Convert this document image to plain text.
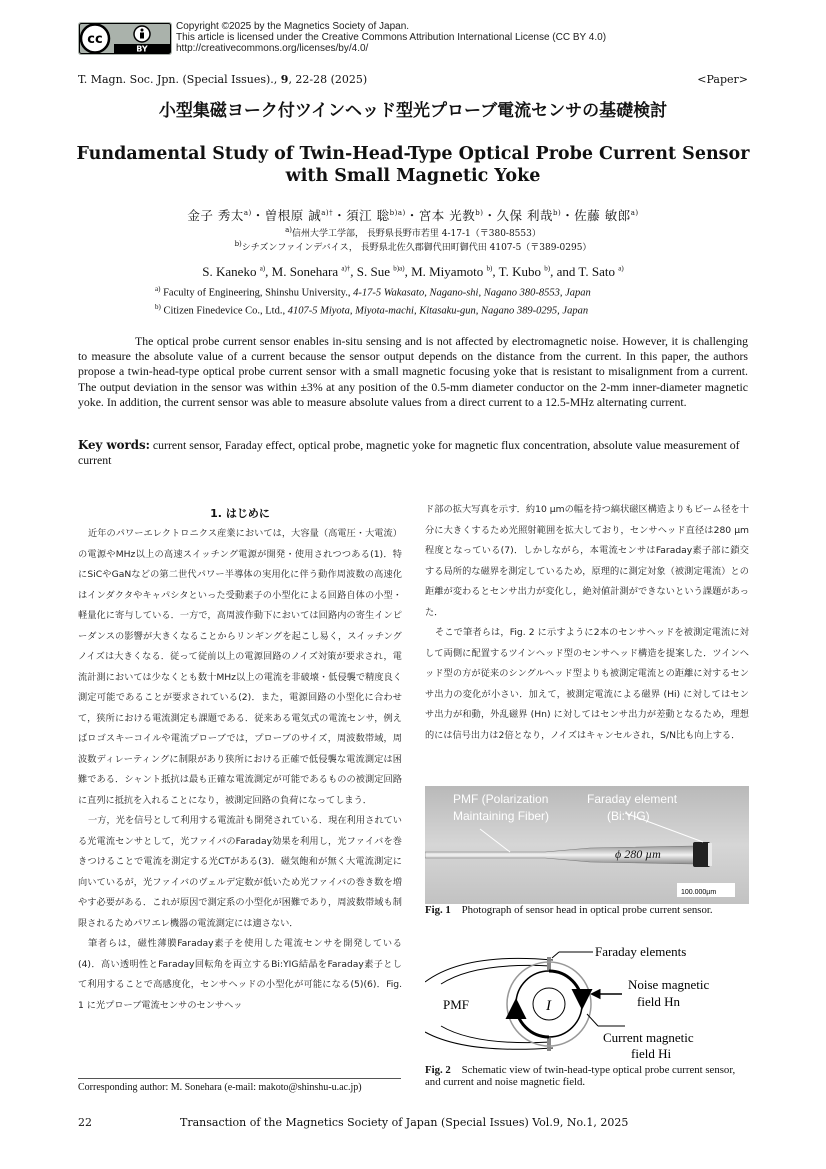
cc
BY
Copyright ©2025 by the Magnetics Society of Japan.
This article is licensed under the Creative Commons Attribution International License (CC BY 4.0)
http://creativecommons.org/licenses/by/4.0/
T. Magn. Soc. Jpn. (Special Issues)., 9, 22-28 (2025)	<Paper>
小型集磁ヨーク付ツインヘッド型光プローブ電流センサの基礎検討
Fundamental Study of Twin-Head-Type Optical Probe Current Sensor
with Small Magnetic Yoke
金子 秀太$^{a)}$・曽根原 誠$^{a)\dagger}$・須江 聡$^{b)a)}$・宮本 光教$^{b)}$・久保 利哉$^{b)}$・佐藤 敏郎$^{a)}$
$^{a)}$信州大学工学部， 長野県長野市若里 4-17-1（〒380-8553）
$^{b)}$シチズンファインデバイス， 長野県北佐久郡御代田町御代田 4107-5（〒389-0295）
S. Kaneko $^{a)}$, M. Sonehara $^{a)\dagger}$, S. Sue $^{b)a)}$, M. Miyamoto $^{b)}$, T. Kubo $^{b)}$, and T. Sato $^{a)}$
$^{a)}$ Faculty of Engineering, Shinshu University., 4-17-5 Wakasato, Nagano-shi, Nagano 380-8553, Japan
$^{b)}$ Citizen Finedevice Co., Ltd., 4107-5 Miyota, Miyota-machi, Kitasaku-gun, Nagano 389-0295, Japan
The optical probe current sensor enables in-situ sensing and is not affected by electromagnetic noise. However, it is challenging to measure the absolute value of a current because the sensor output depends on the distance from the current. In this paper, the authors propose a twin-head-type optical probe current sensor with a small magnetic focusing yoke that is resistant to misalignment from a current. The output deviation in the sensor was within ±3% at any position of the 0.5-mm diameter conductor on the 2-mm inner-diameter magnetic yoke. In addition, the current sensor was able to measure absolute values from a direct current to a 12.5-MHz alternating current.
Key words: current sensor, Faraday effect, optical probe, magnetic yoke for magnetic flux concentration, absolute value measurement of current
1. はじめに

近年のパワーエレクトロニクス産業においては，大容量（高電圧・大電流）の電源やMHz以上の高速スイッチング電源が開発・使用されつつある(1)．特にSiCやGaNなどの第二世代パワー半導体の実用化に伴う動作周波数の高速化はインダクタやキャパシタといった受動素子の小型化による回路自体の小型・軽量化に寄与している．一方で，高周波作動下においては回路内の寄生インピーダンスの影響が大きくなることからリンギングを起こし易く，スイッチングノイズは大きくなる．従って従前以上の電源回路のノイズ対策が要求され，電流計測においては少なくとも数十MHz以上の電流を非破壊・低侵襲で精度良く測定可能であることが要求されている(2)．また，電源回路の小型化に合わせて，狭所における電流測定も課題である．従来ある電気式の電流センサ，例えばロゴスキーコイルや電流プローブでは，プローブのサイズ，周波数帯域，周波数ディレーティングに制限があり狭所における正確で低侵襲な電流測定は困難である．シャント抵抗は最も正確な電流測定が可能であるものの被測定回路に直列に抵抗を入れることになり，被測定回路の負荷になってしまう．

一方，光を信号として利用する電流計も開発されている．現在利用されている光電流センサとして，光ファイバのFaraday効果を利用し，光ファイバを巻きつけることで電流を測定する光CTがある(3)．磁気飽和が無く大電流測定に向いているが，光ファイバのヴェルデ定数が低いため光ファイバの巻き数を増やす必要がある．これが原因で測定系の小型化が困難であり，周波数帯域も制限されるためパワエレ機器の電流測定には適さない．

筆者らは，磁性薄膜Faraday素子を使用した電流センサを開発している(4)．高い透明性とFaraday回転角を両立するBi:YIG結晶をFaraday素子として利用することで高感度化，センサヘッドの小型化が可能になる(5)(6)．Fig. 1 に光プローブ電流センサのセンサヘッ

ド部の拡大写真を示す．約10 µmの幅を持つ縞状磁区構造よりもビーム径を十分に大きくするため光照射範囲を拡大しており，センサヘッド直径は280 µm程度となっている(7)．しかしながら，本電流センサはFaraday素子部に鎖交する局所的な磁界を測定しているため，原理的に測定対象（被測定電流）との距離が変わるとセンサ出力が変化し，絶対値計測ができないという課題があった．

そこで筆者らは，Fig. 2 に示すように2本のセンサヘッドを被測定電流に対して両側に配置するツインヘッド型のセンサヘッド構造を提案した．ツインヘッド型の方が従来のシングルヘッド型よりも被測定電流との距離に対するセンサ出力の変化が小さい．加えて，被測定電流による磁界 (Hi) に対してはセンサ出力が和動，外乱磁界 (Hn) に対してはセンサ出力が差動となるため，理想的には信号出力は2倍となり，ノイズはキャンセルされ，S/N比も向上する．

PMF (Polarization
Maintaining Fiber)
Faraday element
(Bi:YIG)
ϕ 280 µm
100.000µm
Fig. 1 Photograph of sensor head in optical probe current sensor.
I
PMF
Faraday elements
Noise magnetic
field Hn
Current magnetic
field Hi
Fig. 2 Schematic view of twin-head-type optical probe current sensor, and current and noise magnetic field.
Corresponding author: M. Sonehara (e-mail: makoto@shinshu-u.ac.jp)
22	Transaction of the Magnetics Society of Japan (Special Issues) Vol.9, No.1, 2025
